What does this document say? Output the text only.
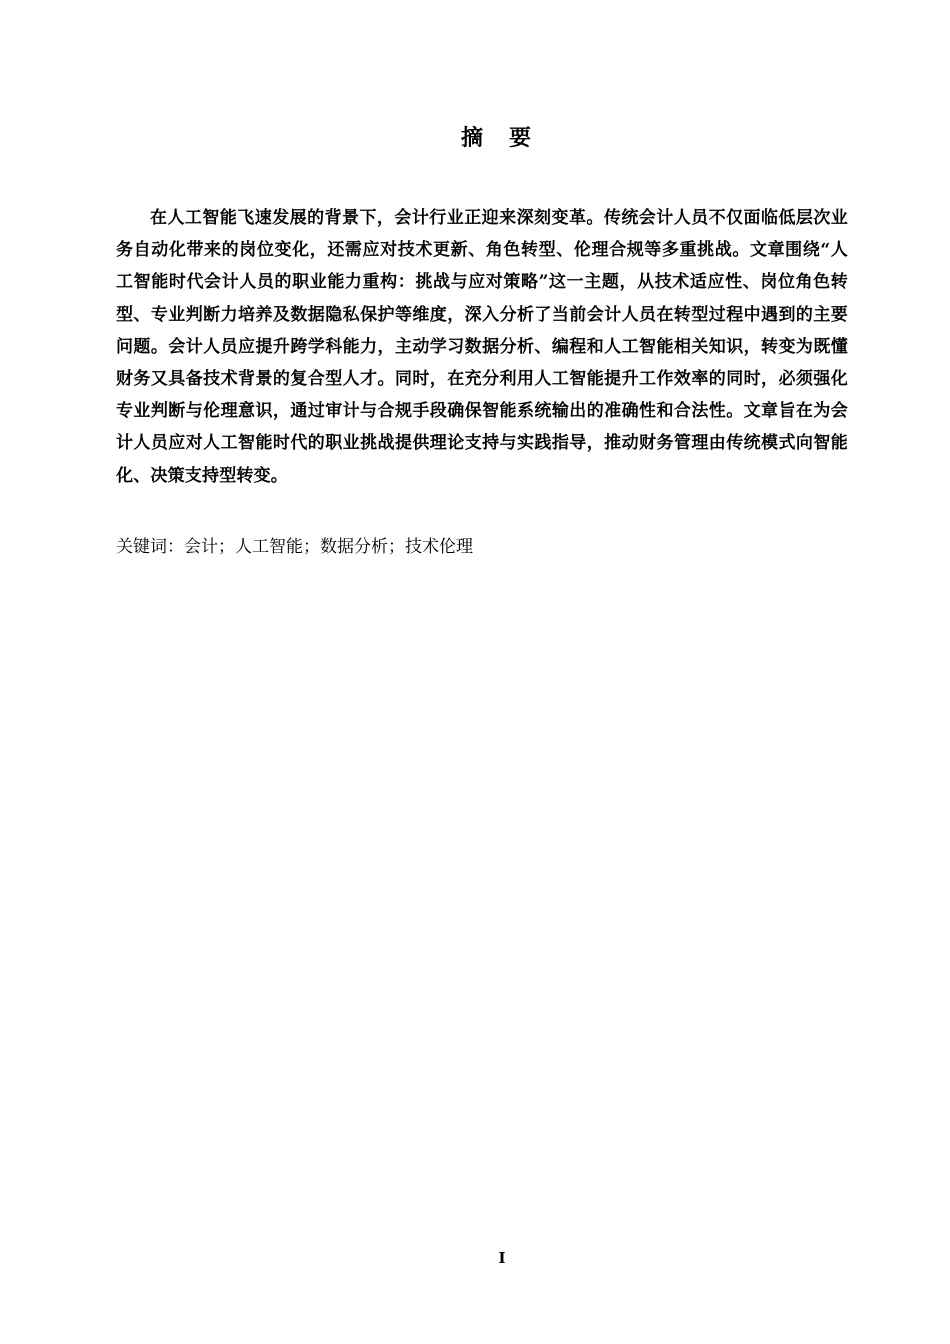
摘要

在人工智能飞速发展的背景下，会计行业正迎来深刻变革。传统会计人员不仅面临低层次业务自动化带来的岗位变化，还需应对技术更新、角色转型、伦理合规等多重挑战。文章围绕“人工智能时代会计人员的职业能力重构：挑战与应对策略”这一主题，从技术适应性、岗位角色转型、专业判断力培养及数据隐私保护等维度，深入分析了当前会计人员在转型过程中遇到的主要问题。会计人员应提升跨学科能力，主动学习数据分析、编程和人工智能相关知识，转变为既懂财务又具备技术背景的复合型人才。同时，在充分利用人工智能提升工作效率的同时，必须强化专业判断与伦理意识，通过审计与合规手段确保智能系统输出的准确性和合法性。文章旨在为会计人员应对人工智能时代的职业挑战提供理论支持与实践指导，推动财务管理由传统模式向智能化、决策支持型转变。

关键词：会计；人工智能；数据分析；技术伦理
I
